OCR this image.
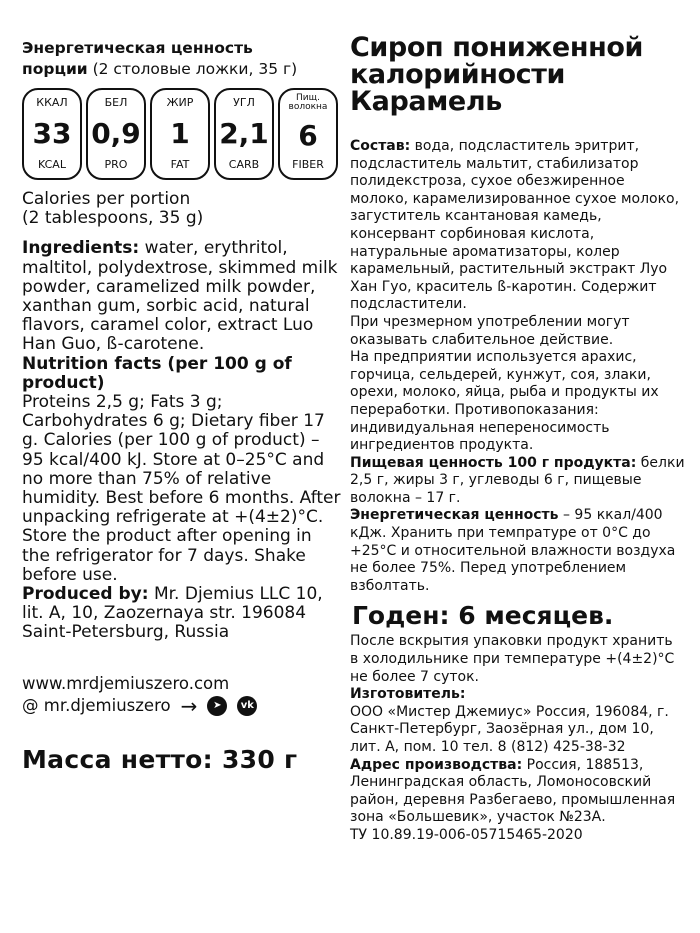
Энергетическая ценность
порции (2 столовые ложки, 35 г)
ККАЛ
33
KCAL
БЕЛ
0,9
PRO
ЖИР
1
FAT
УГЛ
2,1
CARB
Пищ. волокна
6
FIBER
Calories per portion
(2 tablespoons, 35 g)
Ingredients: water, erythritol, maltitol, polydextrose, skimmed milk powder, caramelized milk powder, xanthan gum, sorbic acid, natural flavors, caramel color, extract Luo Han Guo, ß-carotene.
Nutrition facts (per 100 g of product)
Proteins 2,5 g; Fats 3 g; Carbohydrates 6 g; Dietary fiber 17 g. Calories (per 100 g of product) – 95 kcal/400 kJ. Store at 0–25°C and no more than 75% of relative humidity. Best before 6 months. After unpacking refrigerate at +(4±2)°C. Store the product after opening in the refrigerator for 7 days. Shake before use.
Produced by: Mr. Djemius LLC 10, lit. A, 10, Zaozernaya str. 196084 Saint-Petersburg, Russia
www.mrdjemiuszero.com
@ mr.djemiuszero →	➤	vk
Масса нетто: 330 г
Сироп пониженной
калорийности
Карамель
Состав: вода, подсластитель эритрит, подсластитель мальтит, стабилизатор полидекстроза, сухое обезжиренное молоко, карамелизированное сухое молоко, загуститель ксантановая камедь, консервант сорбиновая кислота, натуральные ароматизаторы, колер карамельный, растительный экстракт Луо Хан Гуо, краситель ß-каротин. Содержит подсластители.
При чрезмерном употреблении могут оказывать слабительное действие.
На предприятии используется арахис, горчица, сельдерей, кунжут, соя, злаки, орехи, молоко, яйца, рыба и продукты их переработки. Противопоказания: индивидуальная непереносимость ингредиентов продукта.
Пищевая ценность 100 г продукта: белки 2,5 г, жиры 3 г, углеводы 6 г, пищевые волокна – 17 г.
Энергетическая ценность – 95 ккал/400 кДж. Хранить при темпратуре от 0°С до +25°С и относительной влажности воздуха не более 75%. Перед употреблением взболтать.
Годен: 6 месяцев.
После вскрытия упаковки продукт хранить в холодильнике при температуре +(4±2)°С не более 7 суток.
Изготовитель:
ООО «Мистер Джемиус» Россия, 196084, г. Санкт-Петербург, Заозёрная ул., дом 10, лит. А, пом. 10 тел. 8 (812) 425-38-32
Адрес производства: Россия, 188513, Ленинградская область, Ломоносовский район, деревня Разбегаево, промышленная зона «Большевик», участок №23А.
ТУ 10.89.19-006-05715465-2020
